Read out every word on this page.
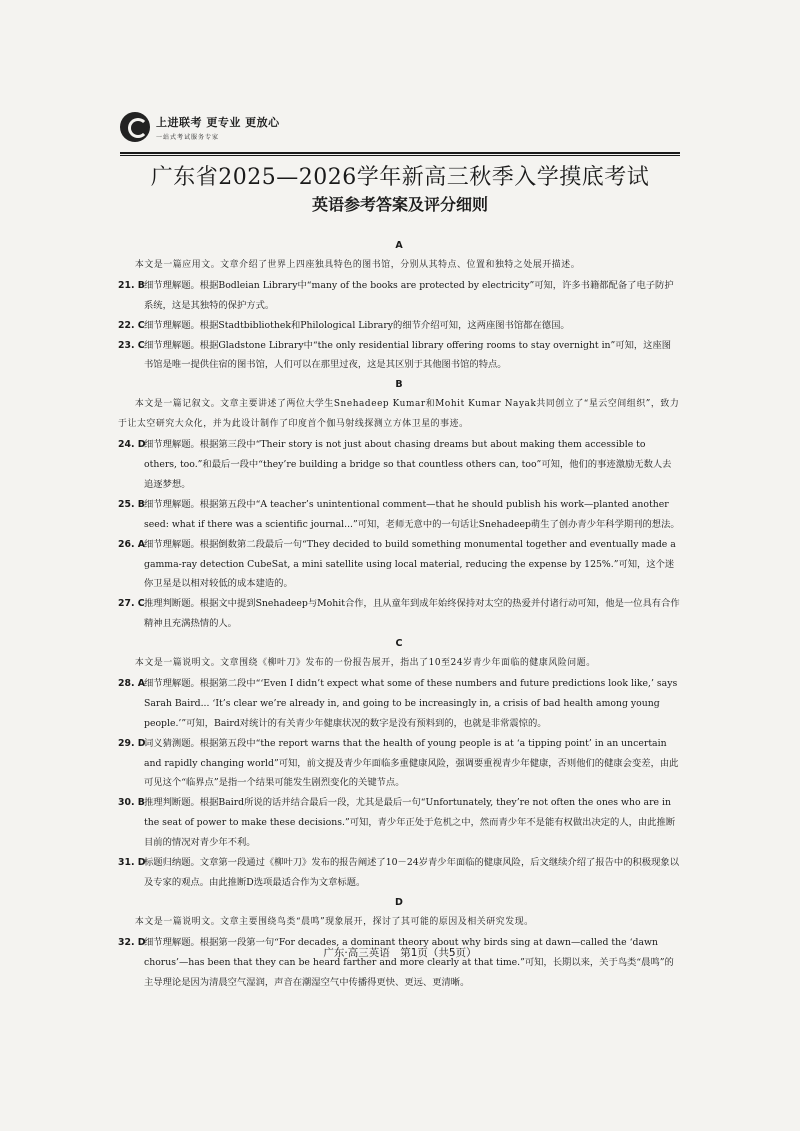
上进联考 更专业 更放心
一站式考试服务专家
广东省2025—2026学年新高三秋季入学摸底考试
英语参考答案及评分细则

A

本文是一篇应用文。文章介绍了世界上四座独具特色的图书馆，分别从其特点、位置和独特之处展开描述。

21. B 细节理解题。根据Bodleian Library中“many of the books are protected by electricity”可知，许多书籍都配备了电子防护系统，这是其独特的保护方式。
22. C 细节理解题。根据Stadtbibliothek和Philological Library的细节介绍可知，这两座图书馆都在德国。
23. C 细节理解题。根据Gladstone Library中“the only residential library offering rooms to stay overnight in”可知，这座图书馆是唯一提供住宿的图书馆，人们可以在那里过夜，这是其区别于其他图书馆的特点。

B

本文是一篇记叙文。文章主要讲述了两位大学生Snehadeep Kumar和Mohit Kumar Nayak共同创立了“星云空间组织”，致力于让太空研究大众化，并为此设计制作了印度首个伽马射线探测立方体卫星的事迹。

24. D
细节理解题。根据第三段中“Their story is not just about chasing dreams but about making them accessible to others, too.”和最后一段中“they’re building a bridge so that countless others can, too”可知，他们的事迹激励无数人去追逐梦想。
25. B 细节理解题。根据第五段中“A teacher’s unintentional comment—that he should publish his work—planted another seed: what if there was a scientific journal...”可知，老师无意中的一句话让Snehadeep萌生了创办青少年科学期刊的想法。
26. A 细节理解题。根据倒数第二段最后一句“They decided to build something monumental together and eventually made a gamma-ray detection CubeSat, a mini satellite using local material, reducing the expense by 125%.”可知，这个迷你卫星是以相对较低的成本建造的。
27. C 推理判断题。根据文中提到Snehadeep与Mohit合作，且从童年到成年始终保持对太空的热爱并付诸行动可知，他是一位具有合作精神且充满热情的人。

C

本文是一篇说明文。文章围绕《柳叶刀》发布的一份报告展开，指出了10至24岁青少年面临的健康风险问题。

28. A 细节理解题。根据第二段中“‘Even I didn’t expect what some of these numbers and future predictions look like,’ says Sarah Baird... ‘It’s clear we’re already in, and going to be increasingly in, a crisis of bad health among young people.’”可知，Baird对统计的有关青少年健康状况的数字是没有预料到的，也就是非常震惊的。
29. D
词义猜测题。根据第五段中“the report warns that the health of young people is at ‘a tipping point’ in an uncertain and rapidly changing world”可知，前文提及青少年面临多重健康风险，强调要重视青少年健康，否则他们的健康会变差，由此可见这个“临界点”是指一个结果可能发生剧烈变化的关键节点。
30. B 推理判断题。根据Baird所说的话并结合最后一段，尤其是最后一句“Unfortunately, they’re not often the ones who are in the seat of power to make these decisions.”可知，青少年正处于危机之中，然而青少年不是能有权做出决定的人，由此推断目前的情况对青少年不利。
31. D
标题归纳题。文章第一段通过《柳叶刀》发布的报告阐述了10－24岁青少年面临的健康风险，后文继续介绍了报告中的积极现象以及专家的观点。由此推断D选项最适合作为文章标题。

D

本文是一篇说明文。文章主要围绕鸟类“晨鸣”现象展开，探讨了其可能的原因及相关研究发现。

32. D
细节理解题。根据第一段第一句“For decades, a dominant theory about why birds sing at dawn—called the ‘dawn chorus’—has been that they can be heard farther and more clearly at that time.”可知，长期以来，关于鸟类“晨鸣”的主导理论是因为清晨空气湿润，声音在潮湿空气中传播得更快、更远、更清晰。
广东·高三英语　第1页（共5页）
